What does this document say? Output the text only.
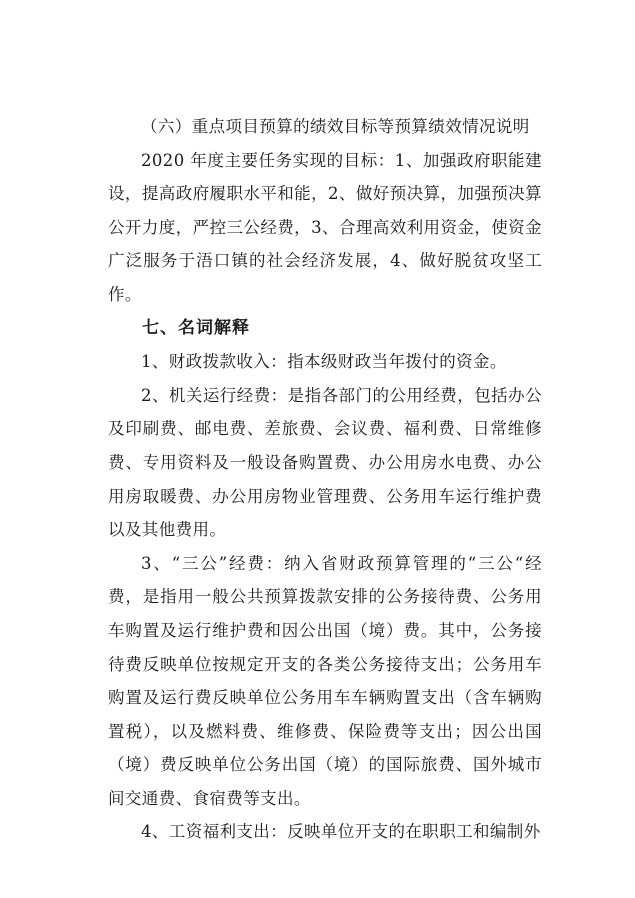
（六）重点项目预算的绩效目标等预算绩效情况说明

2020 年度主要任务实现的目标：1、加强政府职能建设，提高政府履职水平和能，2、做好预决算，加强预决算公开力度，严控三公经费，3、合理高效利用资金，使资金广泛服务于浯口镇的社会经济发展，4、做好脱贫攻坚工作。

七、名词解释

1、财政拨款收入：指本级财政当年拨付的资金。

2、机关运行经费：是指各部门的公用经费，包括办公及印刷费、邮电费、差旅费、会议费、福利费、日常维修费、专用资料及一般设备购置费、办公用房水电费、办公用房取暖费、办公用房物业管理费、公务用车运行维护费以及其他费用。

3、“三公”经费：纳入省财政预算管理的“三公“经费，是指用一般公共预算拨款安排的公务接待费、公务用车购置及运行维护费和因公出国（境）费。其中，公务接待费反映单位按规定开支的各类公务接待支出；公务用车购置及运行费反映单位公务用车车辆购置支出（含车辆购置税），以及燃料费、维修费、保险费等支出；因公出国（境）费反映单位公务出国（境）的国际旅费、国外城市间交通费、食宿费等支出。

4、工资福利支出：反映单位开支的在职职工和编制外
